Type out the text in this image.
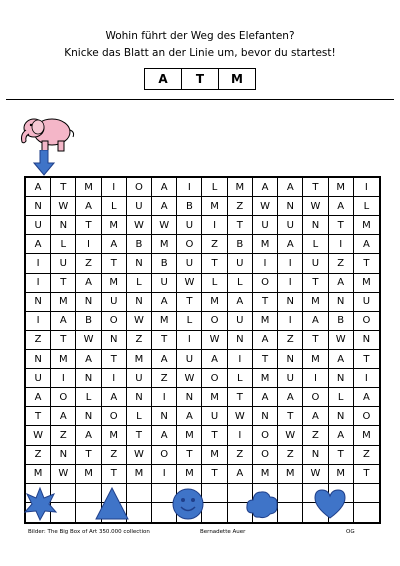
Wohin führt der Weg des Elefanten?
Knicke das Blatt an der Linie um, bevor du startest!
A	T	M
A	T	M	I	O	A	I	L	M	A	A	T	M	I
N	W	A	L	U	A	B	M	Z	W	N	W	A	L
U	N	T	M	W	W	U	I	T	U	U	N	T	M
A	L	I	A	B	M	O	Z	B	M	A	L	I	A
I	U	Z	T	N	B	U	T	U	I	I	U	Z	T
I	T	A	M	L	U	W	L	L	O	I	T	A	M
N	M	N	U	N	A	T	M	A	T	N	M	N	U
I	A	B	O	W	M	L	O	U	M	I	A	B	O
Z	T	W	N	Z	T	I	W	N	A	Z	T	W	N
N	M	A	T	M	A	U	A	I	T	N	M	A	T
U	I	N	I	U	Z	W	O	L	M	U	I	N	I
A	O	L	A	N	I	N	M	T	A	A	O	L	A
T	A	N	O	L	N	A	U	W	N	T	A	N	O
W	Z	A	M	T	A	M	T	I	O	W	Z	A	M
Z	N	T	Z	W	O	T	M	Z	O	Z	N	T	Z
M	W	M	T	M	I	M	T	A	M	M	W	M	T
Bilder: The Big Box of Art 350.000 collection	Bernadette Auer	OG
